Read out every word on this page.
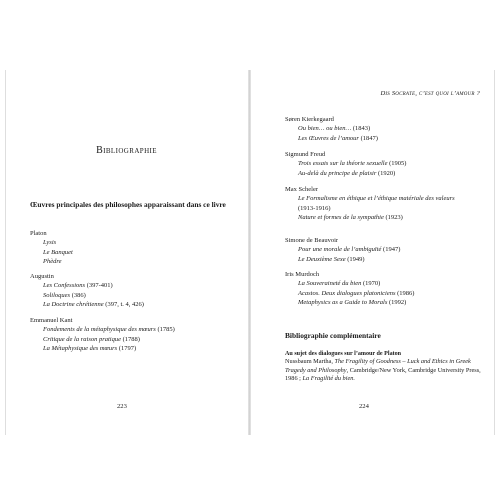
Bibliographie
Œuvres principales des philosophes apparaissant dans ce livre
Platon
Lysis
Le Banquet
Phèdre
Augustin
Les Confessions (397-401)
Soliloques (386)
La Doctrine chrétienne (397, t. 4, 426)
Emmanuel Kant
Fondements de la métaphysique des mœurs (1785)
Critique de la raison pratique (1788)
La Métaphysique des mœurs (1797)
223
Dis Socrate, c’est quoi l’amour ?
Søren Kierkegaard
Ou bien… ou bien… (1843)
Les Œuvres de l’amour (1847)
Sigmund Freud
Trois essais sur la théorie sexuelle (1905)
Au-delà du principe de plaisir (1920)
Max Scheler
Le Formalisme en éthique et l’éthique matériale des valeurs
(1913-1916)
Nature et formes de la sympathie (1923)
Simone de Beauvoir
Pour une morale de l’ambiguïté (1947)
Le Deuxième Sexe (1949)
Iris Murdoch
La Souveraineté du bien (1970)
Acastos. Deux dialogues platoniciens (1986)
Metaphysics as a Guide to Morals (1992)
Bibliographie complémentaire
Au sujet des dialogues sur l’amour de Platon
Nussbaum Martha, The Fragility of Goodness – Luck and Ethics in Greek Tragedy and Philosophy, Cambridge/New York, Cambridge University Press, 1986 ; La Fragilité du bien.
224
